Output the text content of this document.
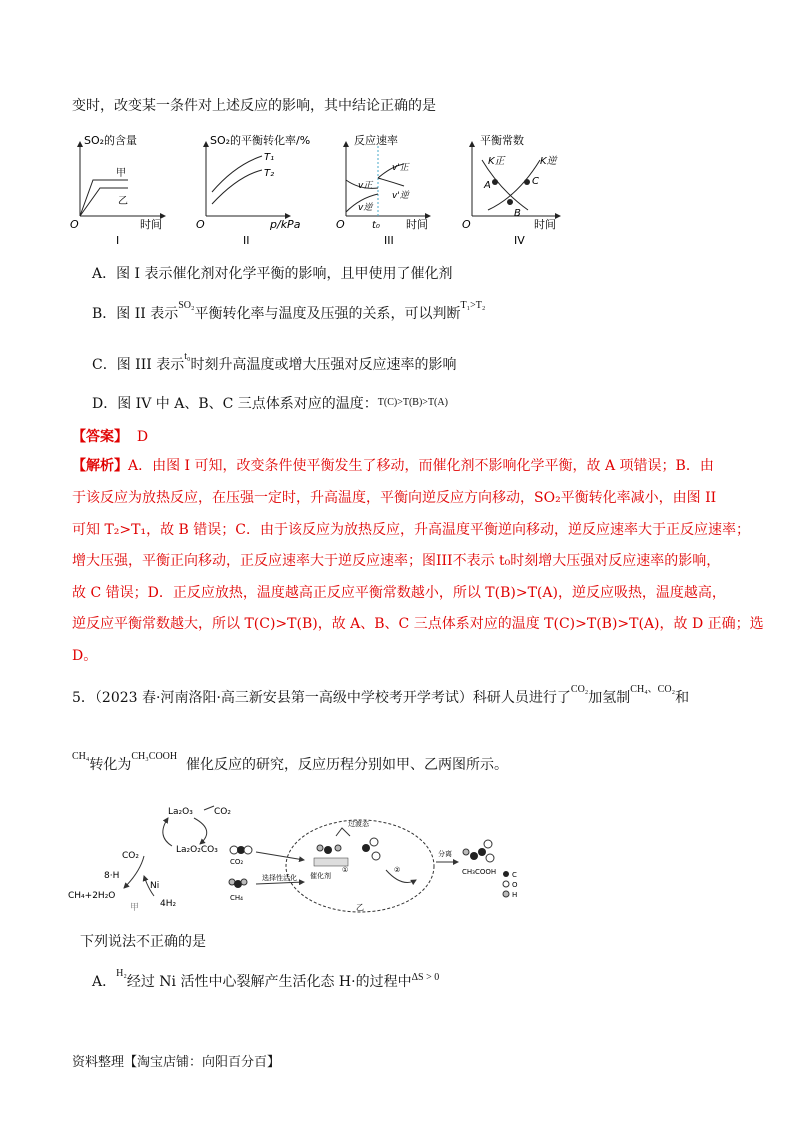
变时，改变某一条件对上述反应的影响，其中结论正确的是
SO₂的含量
O	时间
I
甲
乙
SO₂的平衡转化率/%
O	p/kPa
II
T₁
T₂
反应速率
O	时间
III
v正
v逆
v'正
v'逆
t₀
平衡常数
O	时间
IV
K正	K逆
A
B
C
A．图 I 表示催化剂对化学平衡的影响，且甲使用了催化剂
B．图 II 表示$^{SO_2}$平衡转化率与温度及压强的关系，可以判断$^{T_1>T_2}$
C．图 III 表示$^{t_0}$时刻升高温度或增大压强对反应速率的影响
D．图 IV 中 A、B、C 三点体系对应的温度：$^{T(C)>T(B)>T(A)}$
【答案】 D
【解析】A．由图 I 可知，改变条件使平衡发生了移动，而催化剂不影响化学平衡，故 A 项错误；B．由
于该反应为放热反应，在压强一定时，升高温度，平衡向逆反应方向移动，SO₂平衡转化率减小，由图 II
可知 T₂>T₁，故 B 错误；C．由于该反应为放热反应，升高温度平衡逆向移动，逆反应速率大于正反应速率；
增大压强，平衡正向移动，正反应速率大于逆反应速率；图III不表示 t₀时刻增大压强对反应速率的影响，
故 C 错误；D．正反应放热，温度越高正反应平衡常数越小，所以 T(B)>T(A)，逆反应吸热，温度越高，
逆反应平衡常数越大，所以 T(C)>T(B)，故 A、B、C 三点体系对应的温度 T(C)>T(B)>T(A)，故 D 正确；选
D。
5．（2023 春·河南洛阳·高三新安县第一高级中学校考开学考试）科研人员进行了$^{CO_2}$加氢制$^{CH_4、CO_2}$和
$^{CH_4}$转化为$^{CH_3COOH}$  催化反应的研究，反应历程分别如甲、乙两图所示。
La₂O₃ CO₂
La₂O₂CO₃
CO₂
CH₄+2H₂O
8·H
Ni
4H₂
甲
过渡态
CO₂
CH₄
选择性活化 催化剂
①	②
分离
CH₃COOH C
O
H
乙
下列说法不正确的是
A．$^{H_2}$经过 Ni 活性中心裂解产生活化态 H·的过程中$^{\Delta S > 0}$
资料整理【淘宝店铺：向阳百分百】
